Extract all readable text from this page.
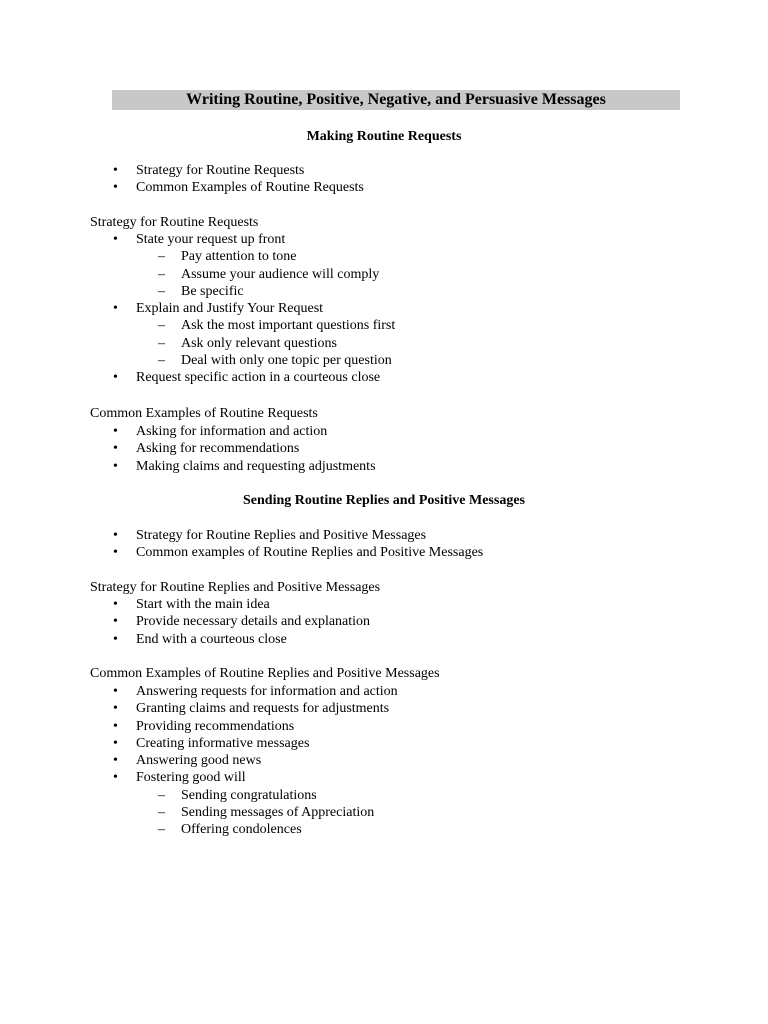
Writing Routine, Positive, Negative, and Persuasive Messages
Making Routine Requests
• Strategy for Routine Requests
• Common Examples of Routine Requests
Strategy for Routine Requests
• State your request up front
– Pay attention to tone
– Assume your audience will comply
– Be specific
• Explain and Justify Your Request
– Ask the most important questions first
– Ask only relevant questions
– Deal with only one topic per question
• Request specific action in a courteous close
Common Examples of Routine Requests
• Asking for information and action
• Asking for recommendations
• Making claims and requesting adjustments
Sending Routine Replies and Positive Messages
• Strategy for Routine Replies and Positive Messages
• Common examples of Routine Replies and Positive Messages
Strategy for Routine Replies and Positive Messages
• Start with the main idea
• Provide necessary details and explanation
• End with a courteous close
Common Examples of Routine Replies and Positive Messages
• Answering requests for information and action
• Granting claims and requests for adjustments
• Providing recommendations
• Creating informative messages
• Answering good news
• Fostering good will
– Sending congratulations
– Sending messages of Appreciation
– Offering condolences
